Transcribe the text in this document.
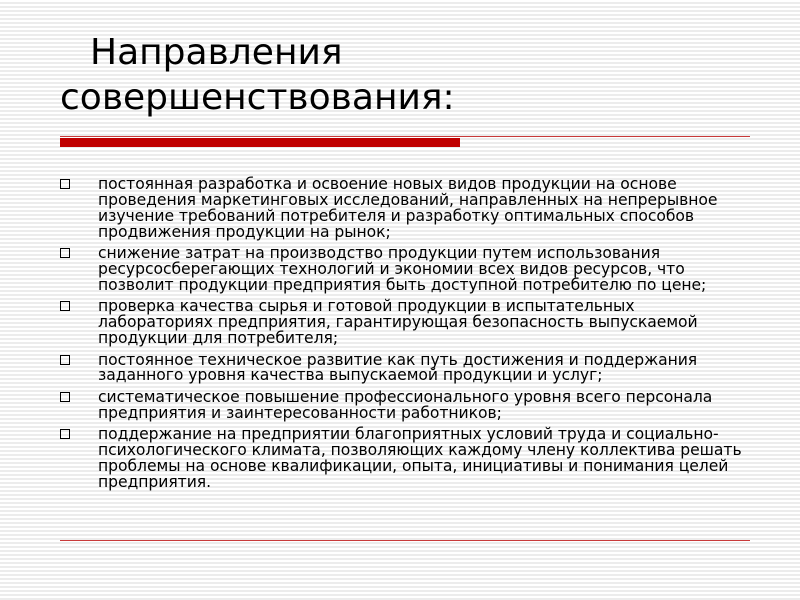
Направления
совершенствования:
постоянная разработка и освоение новых видов продукции на основе проведения маркетинговых исследований, направленных на непрерывное изучение требований потребителя и разработку оптимальных способов продвижения продукции на рынок;
снижение затрат на производство продукции путем использования ресурсосберегающих технологий и экономии всех видов ресурсов, что позволит продукции предприятия быть доступной потребителю по цене;
проверка качества сырья и готовой продукции в испытательных лабораториях предприятия, гарантирующая безопасность выпускаемой продукции для потребителя;
постоянное техническое развитие как путь достижения и поддержания заданного уровня качества выпускаемой продукции и услуг;
систематическое повышение профессионального уровня всего персонала предприятия и заинтересованности работников;
поддержание на предприятии благоприятных условий труда и социально-психологического климата, позволяющих каждому члену коллектива решать проблемы на основе квалификации, опыта, инициативы и понимания целей предприятия.
